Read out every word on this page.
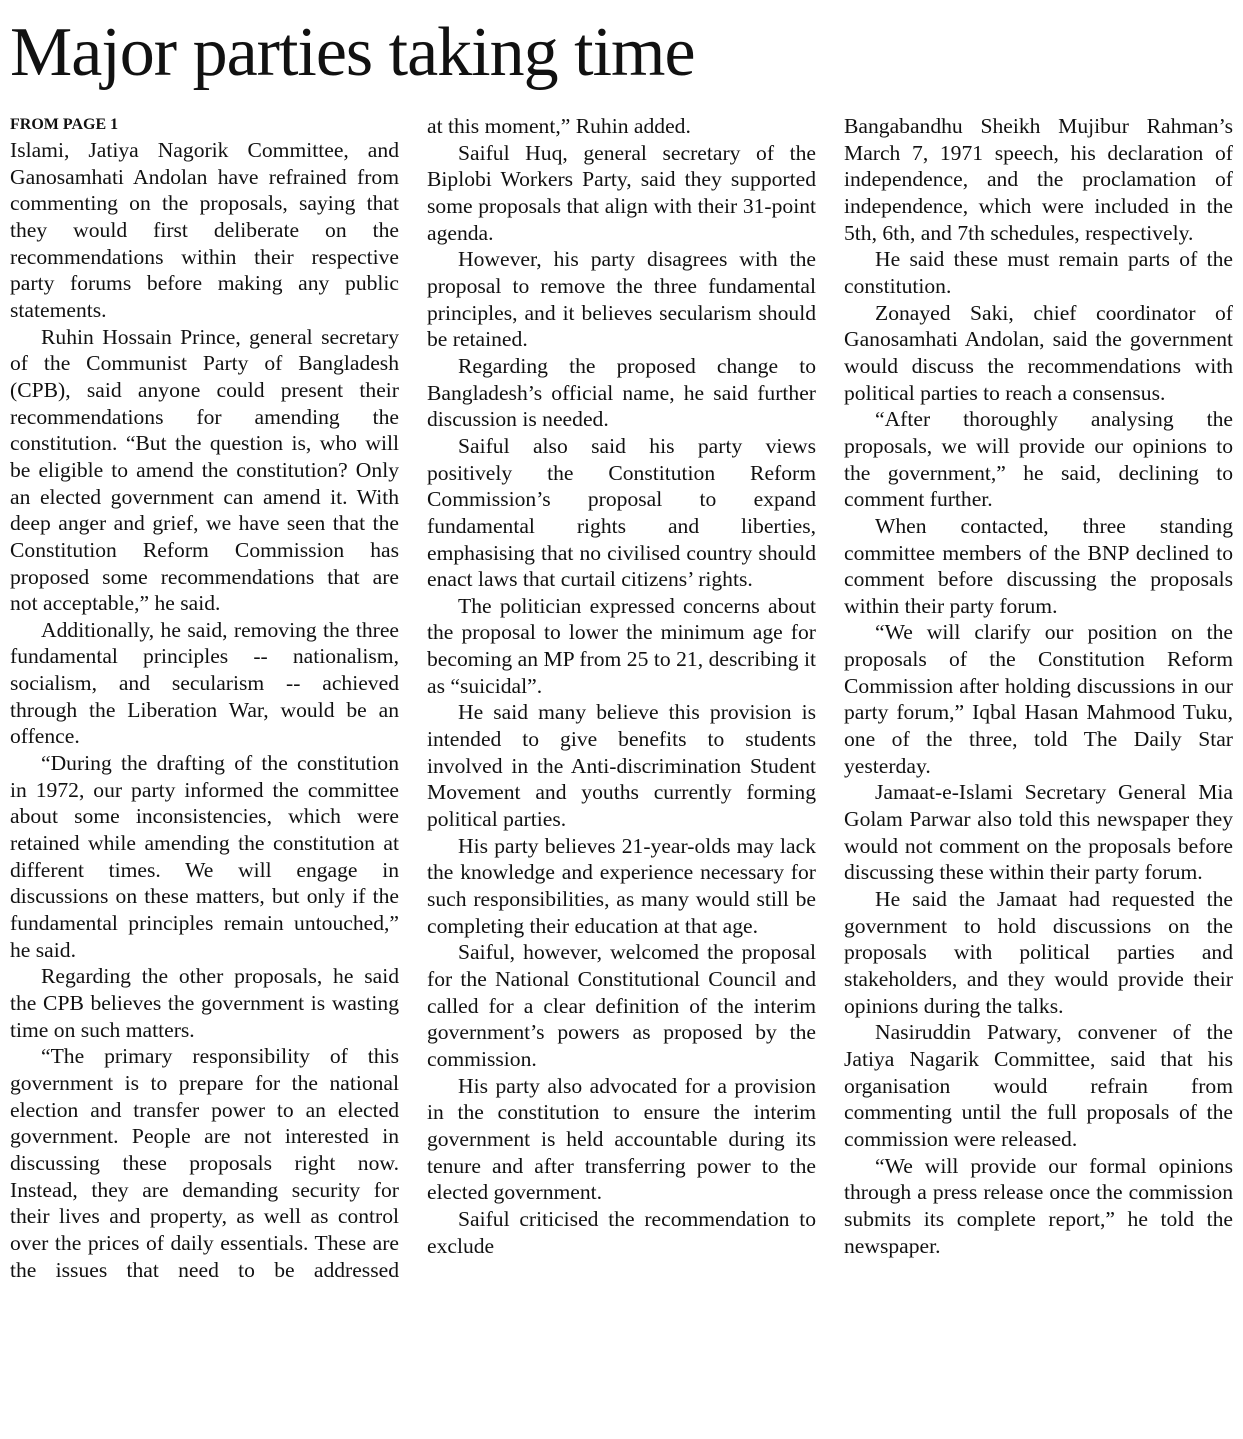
Major parties taking time
FROM PAGE 1

Islami, Jatiya Nagorik Committee, and Ganosamhati Andolan have refrained from commenting on the proposals, saying that they would first deliberate on the recommendations within their respective party forums before making any public statements.

Ruhin Hossain Prince, general secretary of the Communist Party of Bangladesh (CPB), said anyone could present their recommendations for amending the constitution. “But the question is, who will be eligible to amend the constitution? Only an elected government can amend it. With deep anger and grief, we have seen that the Constitution Reform Commission has proposed some recommendations that are not acceptable,” he said.

Additionally, he said, removing the three fundamental principles -- nationalism, socialism, and secularism -- achieved through the Liberation War, would be an offence.

“During the drafting of the constitution in 1972, our party informed the committee about some inconsistencies, which were retained while amending the constitution at different times. We will engage in discussions on these matters, but only if the fundamental principles remain untouched,” he said.

Regarding the other proposals, he said the CPB believes the government is wasting time on such matters.

“The primary responsibility of this government is to prepare for the national election and transfer power to an elected government. People are not interested in discussing these proposals right now. Instead, they are demanding security for their lives and property, as well as control over the prices of daily essentials. These are the issues that need to be addressed

at this moment,” Ruhin added.

Saiful Huq, general secretary of the Biplobi Workers Party, said they supported some proposals that align with their 31-point agenda.

However, his party disagrees with the proposal to remove the three fundamental principles, and it believes secularism should be retained.

Regarding the proposed change to Bangladesh’s official name, he said further discussion is needed.

Saiful also said his party views positively the Constitution Reform Commission’s proposal to expand fundamental rights and liberties, emphasising that no civilised country should enact laws that curtail citizens’ rights.

The politician expressed concerns about the proposal to lower the minimum age for becoming an MP from 25 to 21, describing it as “suicidal”.

He said many believe this provision is intended to give benefits to students involved in the Anti-discrimination Student Movement and youths currently forming political parties.

His party believes 21-year-olds may lack the knowledge and experience necessary for such responsibilities, as many would still be completing their education at that age.

Saiful, however, welcomed the proposal for the National Constitutional Council and called for a clear definition of the interim government’s powers as proposed by the commission.

His party also advocated for a provision in the constitution to ensure the interim government is held accountable during its tenure and after transferring power to the elected government.

Saiful criticised the recommendation to exclude

Bangabandhu Sheikh Mujibur Rahman’s March 7, 1971 speech, his declaration of independence, and the proclamation of independence, which were included in the 5th, 6th, and 7th schedules, respectively.

He said these must remain parts of the constitution.

Zonayed Saki, chief coordinator of Ganosamhati Andolan, said the government would discuss the recommendations with political parties to reach a consensus.

“After thoroughly analysing the proposals, we will provide our opinions to the government,” he said, declining to comment further.

When contacted, three standing committee members of the BNP declined to comment before discussing the proposals within their party forum.

“We will clarify our position on the proposals of the Constitution Reform Commission after holding discussions in our party forum,” Iqbal Hasan Mahmood Tuku, one of the three, told The Daily Star yesterday.

Jamaat-e-Islami Secretary General Mia Golam Parwar also told this newspaper they would not comment on the proposals before discussing these within their party forum.

He said the Jamaat had requested the government to hold discussions on the proposals with political parties and stakeholders, and they would provide their opinions during the talks.

Nasiruddin Patwary, convener of the Jatiya Nagarik Committee, said that his organisation would refrain from commenting until the full proposals of the commission were released.

“We will provide our formal opinions through a press release once the commission submits its complete report,” he told the newspaper.
